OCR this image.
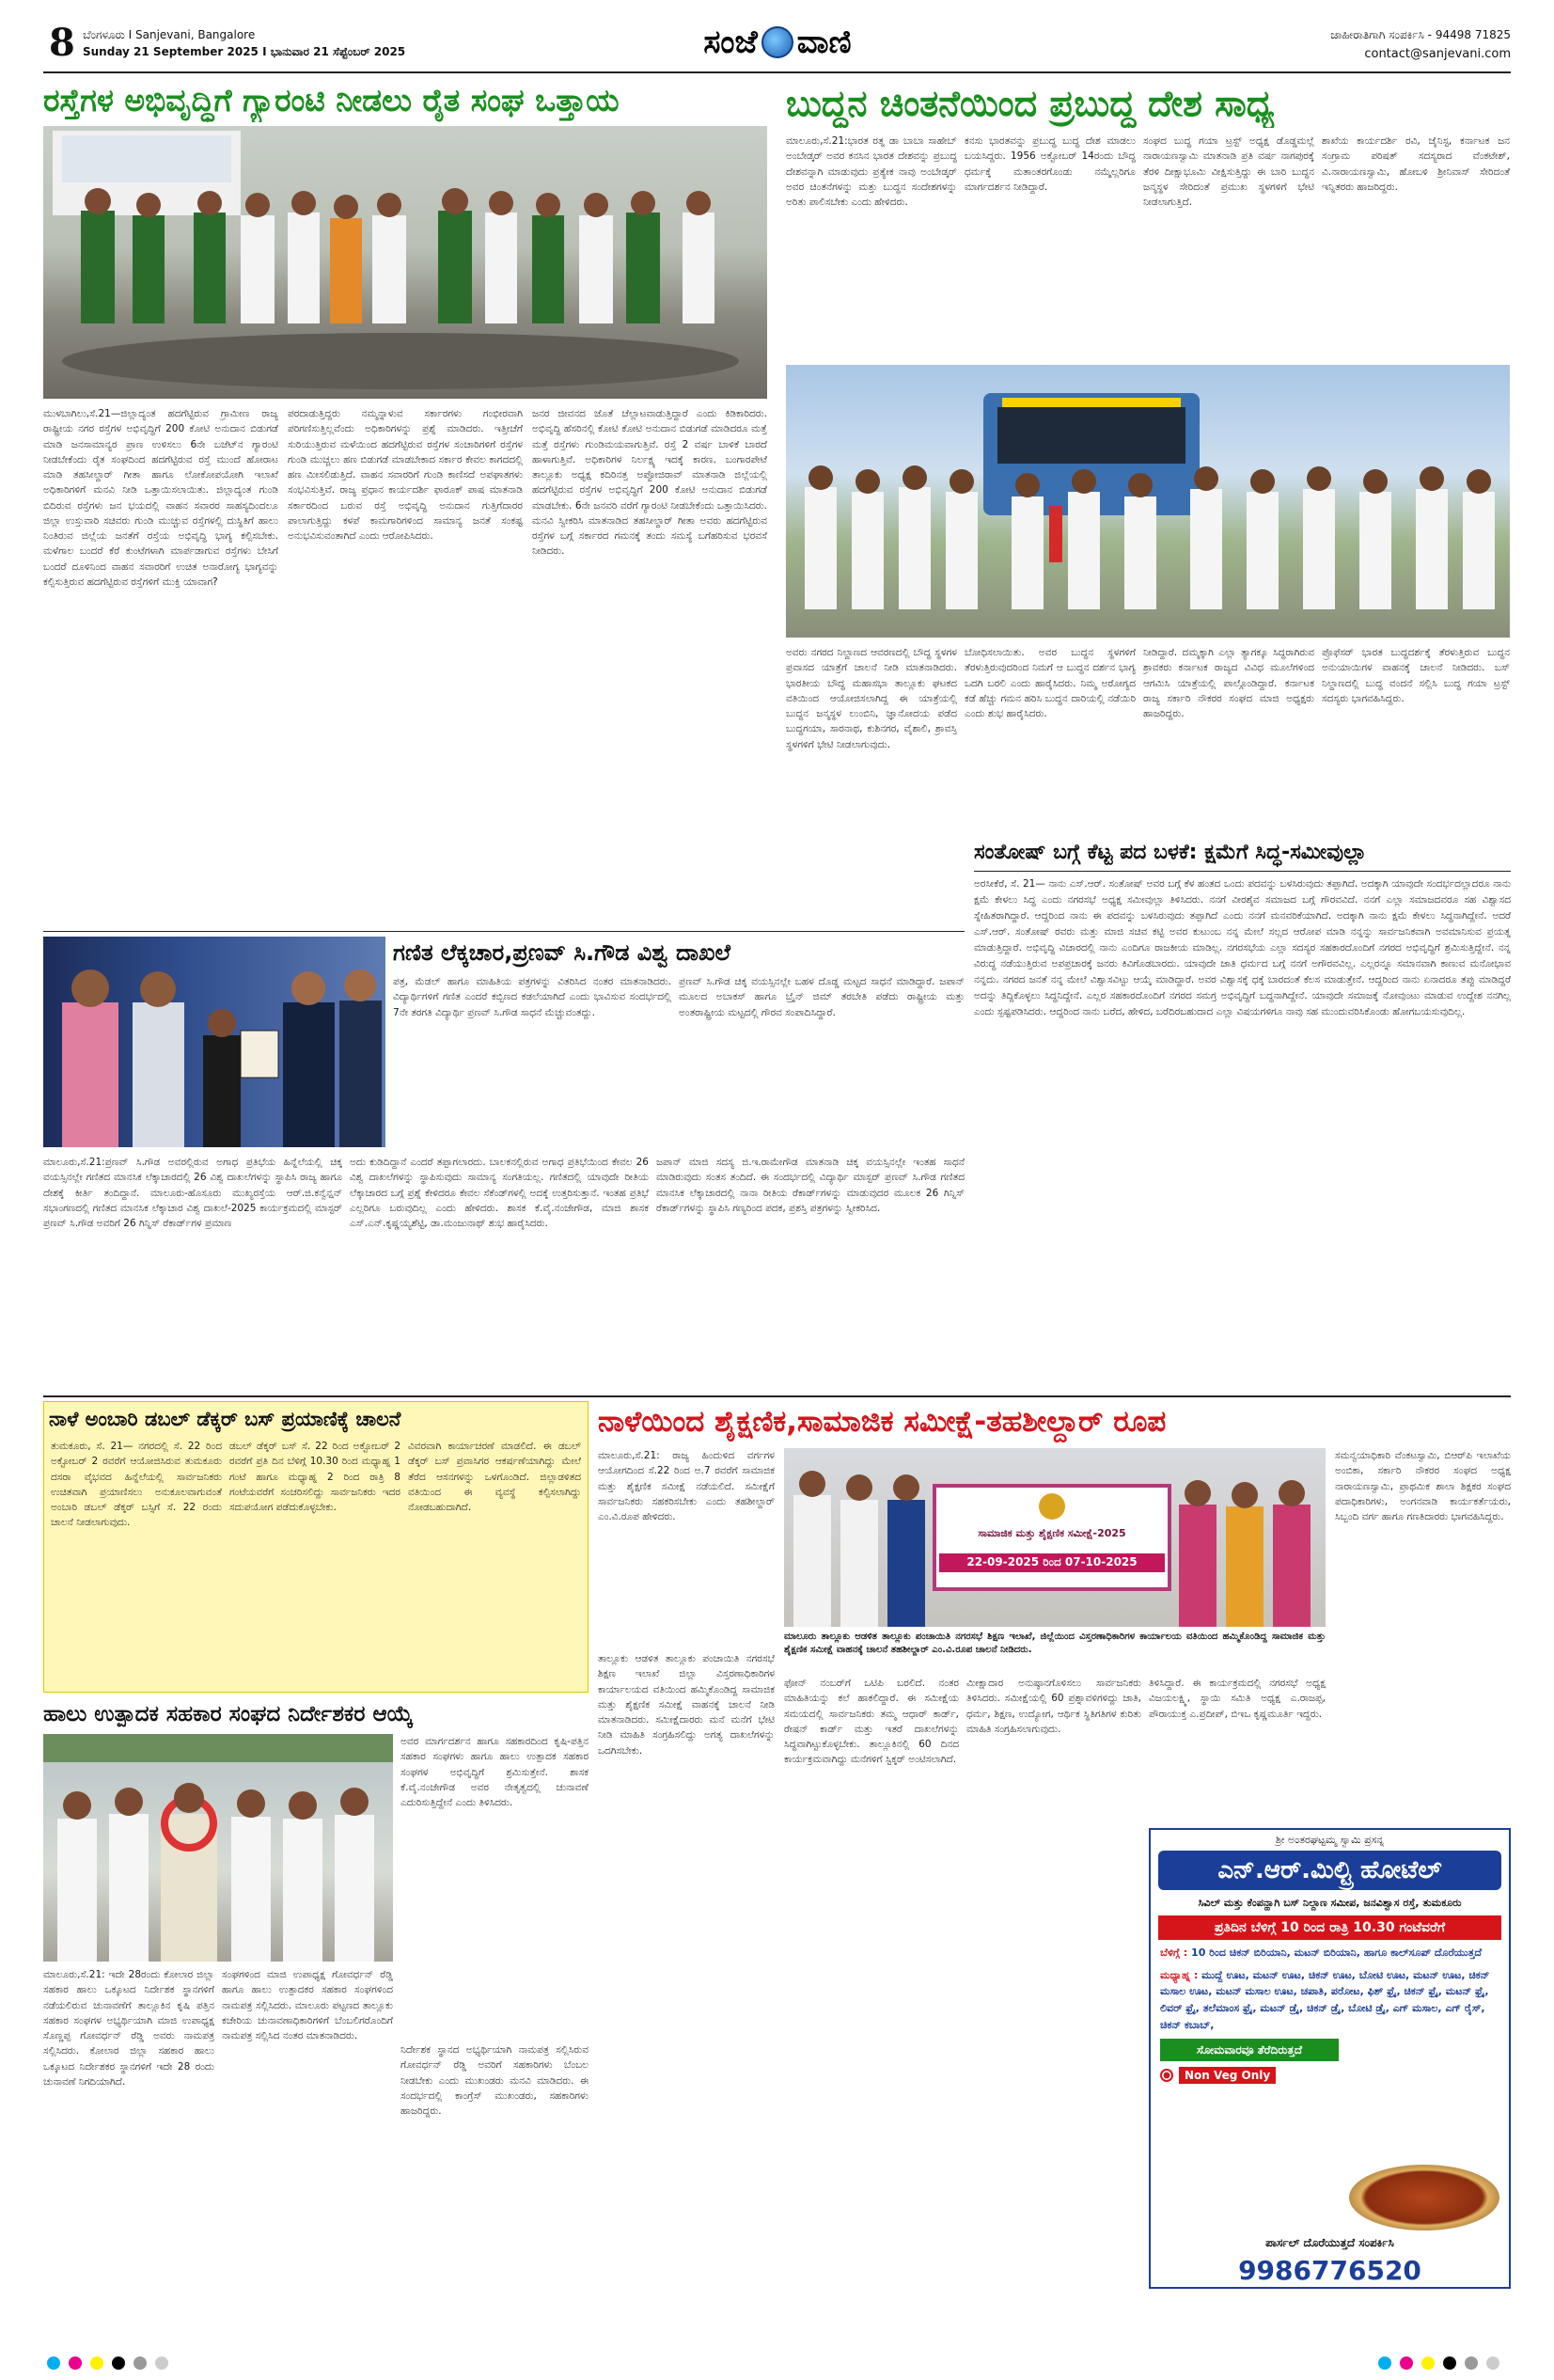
8 ಬೆಂಗಳೂರು I Sanjevani, Bangalore
Sunday 21 September 2025 I ಭಾನುವಾರ 21 ಸೆಪ್ಟೆಂಬರ್ 2025	ಸಂಜೆ ವಾಣಿ	ಜಾಹೀರಾತಿಗಾಗಿ ಸಂಪರ್ಕಿಸಿ - 94498 71825
contact@sanjevani.com
ರಸ್ತೆಗಳ ಅಭಿವೃದ್ಧಿಗೆ ಗ್ಯಾರಂಟಿ ನೀಡಲು ರೈತ ಸಂಘ ಒತ್ತಾಯ
ಮುಳಬಾಗಿಲು,ಸೆ.21—ಜಿಲ್ಲಾದ್ಯಂತ ಹದಗೆಟ್ಟಿರುವ ಗ್ರಾಮೀಣ ರಾಜ್ಯ ರಾಷ್ಟ್ರೀಯ ನಗರ ರಸ್ತೆಗಳ ಅಭಿವೃದ್ಧಿಗೆ 200 ಕೋಟಿ ಅನುದಾನ ಬಿಡುಗಡೆ ಮಾಡಿ ಜನಸಾಮಾನ್ಯರ ಪ್ರಾಣ ಉಳಿಸಲು 6ನೇ ಬಜೆಟ್‌ನ ಗ್ಯಾರಂಟಿ ನೀಡಬೇಕೆಂದು ರೈತ ಸಂಘದಿಂದ ಹದಗೆಟ್ಟಿರುವ ರಸ್ತೆ ಮುಂದೆ ಹೋರಾಟ ಮಾಡಿ ತಹಸೀಲ್ದಾರ್ ಗೀತಾ ಹಾಗೂ ಲೋಕೋಪಯೋಗಿ ಇಲಾಖೆ ಅಧಿಕಾರಿಗಳಿಗೆ ಮನವಿ ನೀಡಿ ಒತ್ತಾಯಿಸಲಾಯಿತು. ಜಿಲ್ಲಾದ್ಯಂತ ಗುಂಡಿ ಬಿದಿರುವ ರಸ್ತೆಗಳು ಜನ ಭಯದಲ್ಲಿ ವಾಹನ ಸವಾರರ ಸಾಹಸ್ಯದಿಂದಲೂ ಜಿಲ್ಲಾ ಉಸ್ತುವಾರಿ ಸಚಿವರು ಗುಂಡಿ ಮುಚ್ಚುವ ರಸ್ತೆಗಳಲ್ಲಿ ದುಸ್ಥಿತಿಗೆ ಹಾಲು ನಿಂತಿರುವ ಜಿಲ್ಲೆಯ ಜನತೆಗೆ ರಸ್ತೆಯ ಅಭಿವೃದ್ಧಿ ಭಾಗ್ಯ ಕಲ್ಪಿಸಬೇಕು. ಮಳೆಗಾಲ ಬಂದರೆ ಕೆರೆ ಕುಂಟೆಗಳಾಗಿ ಮಾರ್ಪಡಾಗುವ ರಸ್ತೆಗಳು ಬೇಸಿಗೆ ಬಂದರೆ ದೂಳಿನಿಂದ ವಾಹನ ಸವಾರರಿಗೆ ಉಚಿತ ಅನಾರೋಗ್ಯ ಭಾಗ್ಯವನ್ನು ಕಲ್ಪಿಸುತ್ತಿರುವ ಹದಗೆಟ್ಟಿರುವ ರಸ್ತೆಗಳಿಗೆ ಮುಕ್ತಿ ಯಾವಾಗ?
ಪರದಾಡುತ್ತಿದ್ದರು ನಮ್ಮನ್ನಾಳುವ ಸರ್ಕಾರಗಳು ಗಂಭೀರವಾಗಿ ಪರಿಗಣಿಸುತ್ತಿಲ್ಲವೆಂದು ಅಧಿಕಾರಿಗಳನ್ನು ಪ್ರಶ್ನೆ ಮಾಡಿದರು. ಇತ್ತೀಚೆಗೆ ಸುರಿಯುತ್ತಿರುವ ಮಳೆಯಿಂದ ಹದಗೆಟ್ಟಿರುವ ರಸ್ತೆಗಳ ಸಂಚಾರಿಗಳಿಗೆ ರಸ್ತೆಗಳ ಗುಂಡಿ ಮುಚ್ಚಲು ಹಣ ಬಿಡುಗಡೆ ಮಾಡಬೇಕಾದ ಸರ್ಕಾರ ಕೇವಲ ಕಾಗದದಲ್ಲಿ ಹಣ ಮೀಸಲಿಡುತ್ತಿದೆ. ವಾಹನ ಸವಾರರಿಗೆ ಗುಂಡಿ ಕಾಣಿಸದೆ ಅಪಘಾತಗಳು ಸಂಭವಿಸುತ್ತಿವೆ. ರಾಜ್ಯ ಪ್ರಧಾನ ಕಾರ್ಯದರ್ಶಿ ಫಾರೂಕ್ ಪಾಷ ಮಾತನಾಡಿ ಸರ್ಕಾರದಿಂದ ಬರುವ ರಸ್ತೆ ಅಭಿವೃದ್ಧಿ ಅನುದಾನ ಗುತ್ತಿಗೆದಾರರ ಪಾಲಾಗುತ್ತಿದ್ದು ಕಳಪೆ ಕಾಮಗಾರಿಗಳಿಂದ ಸಾಮಾನ್ಯ ಜನತೆ ಸಂಕಷ್ಟ ಅನುಭವಿಸುವಂತಾಗಿದೆ ಎಂದು ಆರೋಪಿಸಿದರು.
ಜನರ ಜೀವನದ ಜೊತೆ ಚೆಲ್ಲಾಟವಾಡುತ್ತಿದ್ದಾರೆ ಎಂದು ಕಿಡಿಕಾರಿದರು. ಅಭಿವೃದ್ಧಿ ಹೆಸರಿನಲ್ಲಿ ಕೋಟಿ ಕೋಟಿ ಅನುದಾನ ಬಿಡುಗಡೆ ಮಾಡಿದರೂ ಮತ್ತೆ ಮತ್ತೆ ರಸ್ತೆಗಳು ಗುಂಡಿಮಯವಾಗುತ್ತಿವೆ. ರಸ್ತೆ 2 ವರ್ಷ ಬಾಳಿಕೆ ಬಾರದೆ ಹಾಳಾಗುತ್ತಿವೆ. ಅಧಿಕಾರಿಗಳ ನಿರ್ಲಕ್ಷ್ಯ ಇದಕ್ಕೆ ಕಾರಣ. ಬಂಗಾರಪೇಟೆ ತಾಲ್ಲೂಕು ಅಧ್ಯಕ್ಷ ಕದಿರಿನತ್ತ ಅಪ್ಪೋಜಿರಾವ್ ಮಾತನಾಡಿ ಜಿಲ್ಲೆಯಲ್ಲಿ ಹದಗೆಟ್ಟಿರುವ ರಸ್ತೆಗಳ ಅಭಿವೃದ್ಧಿಗೆ 200 ಕೋಟಿ ಅನುದಾನ ಬಿಡುಗಡೆ ಮಾಡಬೇಕು. 6ನೇ ಜನವರಿ ವರೆಗೆ ಗ್ಯಾರಂಟಿ ನೀಡಬೇಕೆಂದು ಒತ್ತಾಯಿಸಿದರು. ಮನವಿ ಸ್ವೀಕರಿಸಿ ಮಾತನಾಡಿದ ತಹಸೀಲ್ದಾರ್ ಗೀತಾ ಅವರು ಹದಗೆಟ್ಟಿರುವ ರಸ್ತೆಗಳ ಬಗ್ಗೆ ಸರ್ಕಾರದ ಗಮನಕ್ಕೆ ತಂದು ಸಮಸ್ಯೆ ಬಗೆಹರಿಸುವ ಭರವಸೆ ನೀಡಿದರು.
ಬುದ್ಧನ ಚಿಂತನೆಯಿಂದ ಪ್ರಬುದ್ಧ ದೇಶ ಸಾಧ್ಯ
ಮಾಲೂರು,ಸೆ.21:ಭಾರತ ರತ್ನ ಡಾ ಬಾಬಾ ಸಾಹೇಬ್ ಅಂಬೇಡ್ಕರ್ ಅವರ ಕನಸಿನ ಭಾರತ ದೇಶವನ್ನು ಪ್ರಬುದ್ಧ ದೇಶವನ್ನಾಗಿ ಮಾಡುವುದು ಪ್ರತ್ಯೇಕ ನಾವು ಅಂಬೇಡ್ಕರ್ ಅವರ ಚಿಂತನೆಗಳನ್ನು ಮತ್ತು ಬುದ್ಧನ ಸಂದೇಶಗಳನ್ನು ಅರಿತು ಪಾಲಿಸಬೇಕು ಎಂದು ಹೇಳಿದರು.
ಕನಸು ಭಾರತವನ್ನು ಪ್ರಬುದ್ಧ ಬುದ್ಧ ದೇಶ ಮಾಡಲು ಬಯಸಿದ್ದರು. 1956 ಅಕ್ಟೋಬರ್ 14ರಂದು ಬೌದ್ಧ ಧರ್ಮಕ್ಕೆ ಮತಾಂತರಗೊಂಡು ನಮ್ಮೆಲ್ಲರಿಗೂ ಮಾರ್ಗದರ್ಶನ ನೀಡಿದ್ದಾರೆ.
ಸಂಘದ ಬುದ್ಧ ಗಯಾ ಟ್ರಸ್ಟ್ ಅಧ್ಯಕ್ಷ ಡೊಡ್ಡಮಲ್ಲೆ ನಾರಾಯಣಸ್ವಾಮಿ ಮಾತನಾಡಿ ಪ್ರತಿ ವರ್ಷ ನಾಗಪುರಕ್ಕೆ ತೆರಳಿ ದೀಕ್ಷಾಭೂಮಿ ವೀಕ್ಷಿಸುತ್ತಿದ್ದು ಈ ಬಾರಿ ಬುದ್ಧನ ಜನ್ಮಸ್ಥಳ ಸೇರಿದಂತೆ ಪ್ರಮುಖ ಸ್ಥಳಗಳಿಗೆ ಭೇಟಿ ನೀಡಲಾಗುತ್ತಿದೆ.
ಶಾಖೆಯ ಕಾರ್ಯದರ್ಶಿ ರವಿ, ಜೈನಿಸ್ಟ, ಕರ್ನಾಟಕ ಜನ ಸಂಗ್ರಾಮ ಪರಿಷತ್ ಸದಸ್ಯರಾದ ವೆಂಕಟೇಶ್, ವಿ.ನಾರಾಯಣಸ್ವಾಮಿ, ಹೋಬಳಿ ಶ್ರೀನಿವಾಸ್ ಸೇರಿದಂತೆ ಇನ್ನಿತರರು ಹಾಜರಿದ್ದರು.
ಅವರು ನಗರದ ನಿಲ್ದಾಣದ ಆವರಣದಲ್ಲಿ ಬೌದ್ಧ ಸ್ಥಳಗಳ ಪ್ರವಾಸದ ಯಾತ್ರೆಗೆ ಚಾಲನೆ ನೀಡಿ ಮಾತನಾಡಿದರು. ಭಾರತೀಯ ಬೌದ್ಧ ಮಹಾಸಭಾ ತಾಲ್ಲೂಕು ಘಟಕದ ವತಿಯಿಂದ ಆಯೋಜಿಸಲಾಗಿದ್ದ ಈ ಯಾತ್ರೆಯಲ್ಲಿ ಬುದ್ಧನ ಜನ್ಮಸ್ಥಳ ಲುಂಬಿನಿ, ಜ್ಞಾನೋದಯ ಪಡೆದ ಬುದ್ಧಗಯಾ, ಸಾರನಾಥ, ಕುಶಿನಗರ, ವೈಶಾಲಿ, ಶ್ರಾವಸ್ತಿ ಸ್ಥಳಗಳಿಗೆ ಭೇಟಿ ನೀಡಲಾಗುವುದು.
ಬೋಧಿಸಲಾಯಿತು. ಅವರ ಬುದ್ಧನ ಸ್ಥಳಗಳಿಗೆ ತೆರಳುತ್ತಿರುವುದರಿಂದ ನಿಮಗೆ ಆ ಬುದ್ಧನ ದರ್ಶನ ಭಾಗ್ಯ ಒದಗಿ ಬರಲಿ ಎಂದು ಹಾರೈಸಿದರು. ನಿಮ್ಮ ಅರೋಗ್ಯದ ಕಡೆ ಹೆಚ್ಚು ಗಮನ ಹರಿಸಿ ಬುದ್ಧನ ದಾರಿಯಲ್ಲಿ ನಡೆಯಿರಿ ಎಂದು ಶುಭ ಹಾರೈಸಿದರು.
ನೀಡಿದ್ದಾರೆ. ದಮ್ಮಕ್ಕಾಗಿ ಎಲ್ಲಾ ತ್ಯಾಗಕ್ಕೂ ಸಿದ್ಧರಾಗಿರುವ ಶ್ರಾವಕರು ಕರ್ನಾಟಕ ರಾಜ್ಯದ ವಿವಿಧ ಮೂಲೆಗಳಿಂದ ಆಗಮಿಸಿ ಯಾತ್ರೆಯಲ್ಲಿ ಪಾಲ್ಗೊಂಡಿದ್ದಾರೆ. ಕರ್ನಾಟಕ ರಾಜ್ಯ ಸರ್ಕಾರಿ ನೌಕರರ ಸಂಘದ ಮಾಜಿ ಅಧ್ಯಕ್ಷರು ಹಾಜರಿದ್ದರು.
ಪ್ರೊಫೆಸರ್ ಭಾರತ ಬುದ್ಧದರ್ಶಕ್ಕೆ ತೆರಳುತ್ತಿರುವ ಬುದ್ಧನ ಅನುಯಾಯಿಗಳ ವಾಹನಕ್ಕೆ ಚಾಲನೆ ನೀಡಿದರು. ಬಸ್ ನಿಲ್ದಾಣದಲ್ಲಿ ಬುದ್ಧ ವಂದನೆ ಸಲ್ಲಿಸಿ ಬುದ್ಧ ಗಯಾ ಟ್ರಸ್ಟ್ ಸದಸ್ಯರು ಭಾಗವಹಿಸಿದ್ದರು.
ಸಂತೋಷ್ ಬಗ್ಗೆ ಕೆಟ್ಟ ಪದ ಬಳಕೆ: ಕ್ಷಮೆಗೆ ಸಿದ್ಧ-ಸಮೀವುಲ್ಲಾ
ಅರಸೀಕೆರೆ, ಸೆ. 21— ನಾನು ಎಸ್.ಆರ್. ಸಂತೋಷ್ ಅವರ ಬಗ್ಗೆ ಕೆಳ ಹಂತದ ಒಂದು ಪದವನ್ನು ಬಳಸಿರುವುದು ತಪ್ಪಾಗಿದೆ. ಅದಕ್ಕಾಗಿ ಯಾವುದೇ ಸಂದರ್ಭದಲ್ಲಾದರೂ ನಾನು ಕ್ಷಮೆ ಕೇಳಲು ಸಿದ್ಧ ಎಂದು ನಗರಸಭೆ ಅಧ್ಯಕ್ಷ ಸಮೀವುಲ್ಲಾ ತಿಳಿಸಿದರು. ನನಗೆ ವೀರಶೈವ ಸಮಾಜದ ಬಗ್ಗೆ ಗೌರವವಿದೆ. ನನಗೆ ಎಲ್ಲಾ ಸಮಾಜದವರೂ ಸಹ ವಿಶ್ವಾಸದ ಸ್ನೇಹಿತರಾಗಿದ್ದಾರೆ. ಆದ್ದರಿಂದ ನಾನು ಈ ಪದವನ್ನು ಬಳಸಿರುವುದು ತಪ್ಪಾಗಿದೆ ಎಂದು ನನಗೆ ಮನವರಿಕೆಯಾಗಿದೆ. ಅದಕ್ಕಾಗಿ ನಾನು ಕ್ಷಮೆ ಕೇಳಲು ಸಿದ್ಧನಾಗಿದ್ದೇನೆ. ಅದರೆ ಎಸ್.ಆರ್. ಸಂತೋಷ್ ರವರು ಮತ್ತು ಮಾಜಿ ಸಚಿವ ಕಟ್ಟಿ ಅವರ ಕುಟುಂಬ ನನ್ನ ಮೇಲೆ ಸಲ್ಲದ ಆರೋಪ ಮಾಡಿ ನನ್ನನ್ನು ಸಾರ್ವಜನಿಕವಾಗಿ ಅವಮಾನಿಸುವ ಪ್ರಯತ್ನ ಮಾಡುತ್ತಿದ್ದಾರೆ. ಅಭಿವೃದ್ಧಿ ವಿಚಾರದಲ್ಲಿ ನಾನು ಎಂದಿಗೂ ರಾಜಕೀಯ ಮಾಡಿಲ್ಲ. ನಗರಸಭೆಯ ಎಲ್ಲಾ ಸದಸ್ಯರ ಸಹಕಾರದೊಂದಿಗೆ ನಗರದ ಅಭಿವೃದ್ಧಿಗೆ ಶ್ರಮಿಸುತ್ತಿದ್ದೇನೆ. ನನ್ನ ವಿರುದ್ಧ ನಡೆಯುತ್ತಿರುವ ಅಪಪ್ರಚಾರಕ್ಕೆ ಜನರು ಕಿವಿಗೊಡಬಾರದು. ಯಾವುದೇ ಜಾತಿ ಧರ್ಮದ ಬಗ್ಗೆ ನನಗೆ ಅಗೌರವವಿಲ್ಲ. ಎಲ್ಲರನ್ನೂ ಸಮಾನವಾಗಿ ಕಾಣುವ ಮನೋಭಾವ ನನ್ನದು. ನಗರದ ಜನತೆ ನನ್ನ ಮೇಲೆ ವಿಶ್ವಾಸವಿಟ್ಟು ಆಯ್ಕೆ ಮಾಡಿದ್ದಾರೆ. ಅವರ ವಿಶ್ವಾಸಕ್ಕೆ ಧಕ್ಕೆ ಬಾರದಂತೆ ಕೆಲಸ ಮಾಡುತ್ತೇನೆ. ಆದ್ದರಿಂದ ನಾನು ಏನಾದರೂ ತಪ್ಪು ಮಾಡಿದ್ದರೆ ಅದನ್ನು ತಿದ್ದಿಕೊಳ್ಳಲು ಸಿದ್ಧನಿದ್ದೇನೆ. ಎಲ್ಲರ ಸಹಕಾರದೊಂದಿಗೆ ನಗರದ ಸಮಗ್ರ ಅಭಿವೃದ್ಧಿಗೆ ಬದ್ಧನಾಗಿದ್ದೇನೆ. ಯಾವುದೇ ಸಮಾಜಕ್ಕೆ ನೋವುಂಟು ಮಾಡುವ ಉದ್ದೇಶ ನನಗಿಲ್ಲ ಎಂದು ಸ್ಪಷ್ಟಪಡಿಸಿದರು. ಆದ್ದರಿಂದ ನಾನು ಬರೆದ, ಹೇಳಿದ, ಬರೆದಿರಬಹುದಾದ ಎಲ್ಲಾ ವಿಷಯಗಳಿಗೂ ನಾವು ಸಹ ಮುಂದುವರಿಸಿಕೊಂಡು ಹೋಗಬಯಸುವುದಿಲ್ಲ.
ಗಣಿತ ಲೆಕ್ಕಚಾರ,ಪ್ರಣವ್ ಸಿ.ಗೌಡ ವಿಶ್ವ ದಾಖಲೆ
ಪತ್ರ, ಮೆಡಲ್ ಹಾಗೂ ಮಾಹಿತಿಯ ಪತ್ರಗಳನ್ನು ವಿತರಿಸಿದ ನಂತರ ಮಾತನಾಡಿದರು. ವಿದ್ಯಾರ್ಥಿಗಳಿಗೆ ಗಣಿತ ಎಂದರೆ ಕಬ್ಬಿಣದ ಕಡಲೆಯಾಗಿದೆ ಎಂದು ಭಾವಿಸುವ ಸಂದರ್ಭದಲ್ಲಿ 7ನೇ ತರಗತಿ ವಿದ್ಯಾರ್ಥಿ ಪ್ರಣವ್ ಸಿ.ಗೌಡ ಸಾಧನೆ ಮೆಚ್ಚುವಂತದ್ದು.
ಪ್ರಣವ್ ಸಿ.ಗೌಡ ಚಿಕ್ಕ ವಯಸ್ಸಿನಲ್ಲೇ ಬಹಳ ದೊಡ್ಡ ಮಟ್ಟದ ಸಾಧನೆ ಮಾಡಿದ್ದಾರೆ. ಜಪಾನ್ ಮೂಲದ ಅಬಾಕಸ್ ಹಾಗೂ ಬ್ರೈನ್ ಜಿಮ್ ತರಬೇತಿ ಪಡೆದು ರಾಷ್ಟ್ರೀಯ ಮತ್ತು ಅಂತರಾಷ್ಟ್ರೀಯ ಮಟ್ಟದಲ್ಲಿ ಗೌರವ ಸಂಪಾದಿಸಿದ್ದಾರೆ.
ಮಾಲೂರು,ಸೆ.21:ಪ್ರಣವ್ ಸಿ.ಗೌಡ ಅವರಲ್ಲಿರುವ ಅಗಾಧ ಪ್ರತಿಭೆಯ ಹಿನ್ನೆಲೆಯಲ್ಲಿ ಚಿಕ್ಕ ವಯಸ್ಸಿನಲ್ಲೇ ಗಣಿತದ ಮಾನಸಿಕ ಲೆಕ್ಕಾಚಾರದಲ್ಲಿ 26 ವಿಶ್ವ ದಾಖಲೆಗಳನ್ನು ಸ್ಥಾಪಿಸಿ ರಾಜ್ಯ ಹಾಗೂ ದೇಶಕ್ಕೆ ಕೀರ್ತಿ ತಂದಿದ್ದಾನೆ. ಮಾಲೂರು-ಹೊಸೂರು ಮುಖ್ಯರಸ್ತೆಯ ಆರ್.ಜಿ.ಕನ್ವೆನ್ಷನ್ ಸಭಾಂಗಣದಲ್ಲಿ ಗಣಿತದ ಮಾನಸಿಕ ಲೆಕ್ಕಾಚಾರ ವಿಶ್ವ ದಾಖಲೆ-2025 ಕಾರ್ಯಕ್ರಮದಲ್ಲಿ ಮಾಸ್ಟರ್ ಪ್ರಣವ್ ಸಿ.ಗೌಡ ಅವರಿಗೆ 26 ಗಿನ್ನಿಸ್ ರೆಕಾರ್ಡ್‌ಗಳ ಪ್ರಮಾಣ
ಅದು ಕುಡಿದಿದ್ದಾನೆ ಎಂದರೆ ತಪ್ಪಾಗಲಾರದು. ಬಾಲಕನಲ್ಲಿರುವ ಅಗಾಧ ಪ್ರತಿಭೆಯಿಂದ ಕೇವಲ 26 ವಿಶ್ವ ದಾಖಲೆಗಳನ್ನು ಸ್ಥಾಪಿಸುವುದು ಸಾಮಾನ್ಯ ಸಂಗತಿಯಲ್ಲ. ಗಣಿತದಲ್ಲಿ ಯಾವುದೇ ರೀತಿಯ ಲೆಕ್ಕಾಚಾರದ ಬಗ್ಗೆ ಪ್ರಶ್ನೆ ಕೇಳಿದರೂ ಕೇವಲ ಸೆಕೆಂಡ್‌ಗಳಲ್ಲಿ ಅದಕ್ಕೆ ಉತ್ತರಿಸುತ್ತಾನೆ. ಇಂತಹ ಪ್ರತಿಭೆ ಎಲ್ಲರಿಗೂ ಬರುವುದಿಲ್ಲ ಎಂದು ಹೇಳಿದರು. ಶಾಸಕ ಕೆ.ವೈ.ನಂಜೇಗೌಡ, ಮಾಜಿ ಶಾಸಕ ಎಸ್.ಎನ್.ಕೃಷ್ಣಯ್ಯಶೆಟ್ಟಿ, ಡಾ.ಮಂಜುನಾಥ್ ಶುಭ ಹಾರೈಸಿದರು.
ಜಪಾನ್ ಮಾಜಿ ಸದಸ್ಯ ಜಿ.ಇ.ರಾಮೇಗೌಡ ಮಾತನಾಡಿ ಚಿಕ್ಕ ವಯಸ್ಸಿನಲ್ಲೇ ಇಂತಹ ಸಾಧನೆ ಮಾಡಿರುವುದು ಸಂತಸ ತಂದಿದೆ. ಈ ಸಂದರ್ಭದಲ್ಲಿ ವಿದ್ಯಾರ್ಥಿ ಮಾಸ್ಟರ್ ಪ್ರಣವ್ ಸಿ.ಗೌಡ ಗಣಿತದ ಮಾನಸಿಕ ಲೆಕ್ಕಾಚಾರದಲ್ಲಿ ನಾನಾ ರೀತಿಯ ರೆಕಾರ್ಡ್‌ಗಳನ್ನು ಮಾಡುವುದರ ಮೂಲಕ 26 ಗಿನ್ನಿಸ್ ರೆಕಾರ್ಡ್‌ಗಳನ್ನು ಸ್ಥಾಪಿಸಿ ಗಣ್ಯರಿಂದ ಪದಕ, ಪ್ರಶಸ್ತಿ ಪತ್ರಗಳನ್ನು ಸ್ವೀಕರಿಸಿದ.
ನಾಳೆ ಅಂಬಾರಿ ಡಬಲ್ ಡೆಕ್ಕರ್ ಬಸ್ ಪ್ರಯಾಣಿಕ್ಕೆ ಚಾಲನೆ
ತುಮಕೂರು, ಸೆ. 21— ನಗರದಲ್ಲಿ ಸೆ. 22 ರಿಂದ ಅಕ್ಟೋಬರ್ 2 ರವರೆಗೆ ಆಯೋಜಿಸಿರುವ ತುಮಕೂರು ದಸರಾ ವೈಭವದ ಹಿನ್ನೆಲೆಯಲ್ಲಿ ಸಾರ್ವಜನಿಕರು ಉಚಿತವಾಗಿ ಪ್ರಯಾಣಿಸಲು ಅನುಕೂಲವಾಗುವಂತೆ ಅಂಬಾರಿ ಡಬಲ್ ಡೆಕ್ಕರ್ ಬಸ್ಸಿಗೆ ಸೆ. 22 ರಂದು ಚಾಲನೆ ನೀಡಲಾಗುವುದು.
ಡಬಲ್ ಡೆಕ್ಕರ್ ಬಸ್ ಸೆ. 22 ರಿಂದ ಅಕ್ಟೋಬರ್ 2 ರವರೆಗೆ ಪ್ರತಿ ದಿನ ಬೆಳಿಗ್ಗೆ 10.30 ರಿಂದ ಮಧ್ಯಾಹ್ನ 1 ಗಂಟೆ ಹಾಗೂ ಮಧ್ಯಾಹ್ನ 2 ರಿಂದ ರಾತ್ರಿ 8 ಗಂಟೆಯವರೆಗೆ ಸಂಚರಿಸಲಿದ್ದು ಸಾರ್ವಜನಿಕರು ಇದರ ಸದುಪಯೋಗ ಪಡೆದುಕೊಳ್ಳಬೇಕು.
ವಿವರವಾಗಿ ಕಾರ್ಯಾಚರಣೆ ಮಾಡಲಿದೆ. ಈ ಡಬಲ್ ಡೆಕ್ಕರ್ ಬಸ್ ಪ್ರವಾಸಿಗರ ಆಕರ್ಷಣೆಯಾಗಿದ್ದು ಮೇಲೆ ತೆರೆದ ಆಸನಗಳನ್ನು ಒಳಗೊಂಡಿದೆ. ಜಿಲ್ಲಾಡಳಿತದ ವತಿಯಿಂದ ಈ ವ್ಯವಸ್ಥೆ ಕಲ್ಪಿಸಲಾಗಿದ್ದು ನೋಡಬಹುದಾಗಿದೆ.
ನಾಳೆಯಿಂದ ಶೈಕ್ಷಣಿಕ,ಸಾಮಾಜಿಕ ಸಮೀಕ್ಷೆ-ತಹಶೀಲ್ದಾರ್ ರೂಪ
ಮಾಲೂರು,ಸೆ.21: ರಾಜ್ಯ ಹಿಂದುಳಿದ ವರ್ಗಗಳ ಆಯೋಗದಿಂದ ಸೆ.22 ರಿಂದ ಅ.7 ರವರೆಗೆ ಸಾಮಾಜಿಕ ಮತ್ತು ಶೈಕ್ಷಣಿಕ ಸಮೀಕ್ಷೆ ನಡೆಯಲಿದೆ. ಸಮೀಕ್ಷೆಗೆ ಸಾರ್ವಜನಿಕರು ಸಹಕರಿಸಬೇಕು ಎಂದು ತಹಶೀಲ್ದಾರ್ ಎಂ.ವಿ.ರೂಪ ಹೇಳಿದರು.
ಸಾಮಾಜಿಕ ಮತ್ತು ಶೈಕ್ಷಣಿಕ ಸಮೀಕ್ಷೆ-2025
22-09-2025 ರಿಂದ 07-10-2025
ಮಾಲೂರು ತಾಲ್ಲೂಕು ಆಡಳಿತ ತಾಲ್ಲೂಕು ಪಂಚಾಯಿತಿ ನಗರಸಭೆ ಶಿಕ್ಷಣ ಇಲಾಖೆ, ಜಿಲ್ಲೆಯಿಂದ ವಿಸ್ತರಣಾಧಿಕಾರಿಗಳ ಕಾರ್ಯಾಲಯ ವತಿಯಿಂದ ಹಮ್ಮಿಕೊಂಡಿದ್ದ ಸಾಮಾಜಿಕ ಮತ್ತು ಶೈಕ್ಷಣಿಕ ಸಮೀಕ್ಷೆ ವಾಹನಕ್ಕೆ ಚಾಲನೆ ತಹಶೀಲ್ದಾರ್ ಎಂ.ವಿ.ರೂಪ ಚಾಲನೆ ನೀಡಿದರು.
ತಾಲ್ಲೂಕು ಆಡಳಿತ ತಾಲ್ಲೂಕು ಪಂಚಾಯಿತಿ ನಗರಸಭೆ ಶಿಕ್ಷಣ ಇಲಾಖೆ ಜಿಲ್ಲಾ ವಿಸ್ತರಣಾಧಿಕಾರಿಗಳ ಕಾರ್ಯಾಲಯದ ವತಿಯಿಂದ ಹಮ್ಮಿಕೊಂಡಿದ್ದ ಸಾಮಾಜಿಕ ಮತ್ತು ಶೈಕ್ಷಣಿಕ ಸಮೀಕ್ಷೆ ವಾಹನಕ್ಕೆ ಚಾಲನೆ ನೀಡಿ ಮಾತನಾಡಿದರು. ಸಮೀಕ್ಷೆದಾರರು ಮನೆ ಮನೆಗೆ ಭೇಟಿ ನೀಡಿ ಮಾಹಿತಿ ಸಂಗ್ರಹಿಸಲಿದ್ದು ಅಗತ್ಯ ದಾಖಲೆಗಳನ್ನು ಒದಗಿಸಬೇಕು.
ಫೋನ್ ನಂಬರ್‌ಗೆ ಒಟಿಪಿ ಬರಲಿದೆ. ನಂತರ ಮಾಹಿತಿಯನ್ನು ಕಲೆ ಹಾಕಲಿದ್ದಾರೆ. ಈ ಸಮೀಕ್ಷೆಯ ಸಮಯದಲ್ಲಿ ಸಾರ್ವಜನಿಕರು ತಮ್ಮ ಆಧಾರ್ ಕಾರ್ಡ್, ರೇಷನ್ ಕಾರ್ಡ್ ಮತ್ತು ಇತರೆ ದಾಖಲೆಗಳನ್ನು ಸಿದ್ಧವಾಗಿಟ್ಟುಕೊಳ್ಳಬೇಕು. ತಾಲ್ಲೂಕಿನಲ್ಲಿ 60 ದಿನದ ಕಾರ್ಯಕ್ರಮವಾಗಿದ್ದು ಮನೆಗಳಿಗೆ ಸ್ಟಿಕ್ಕರ್ ಅಂಟಿಸಲಾಗಿದೆ.
ಮೀಕ್ಷಾದಾರ ಅನುಷ್ಠಾನಗೊಳಿಸಲು ಸಾರ್ವಜನಿಕರು ತಿಳಿಸಿದರು. ಸಮೀಕ್ಷೆಯಲ್ಲಿ 60 ಪ್ರಶ್ನಾವಳಿಗಳಿದ್ದು ಜಾತಿ, ಧರ್ಮ, ಶಿಕ್ಷಣ, ಉದ್ಯೋಗ, ಆರ್ಥಿಕ ಸ್ಥಿತಿಗತಿಗಳ ಕುರಿತು ಮಾಹಿತಿ ಸಂಗ್ರಹಿಸಲಾಗುವುದು.
ತಿಳಿಸಿದ್ದಾರೆ. ಈ ಕಾರ್ಯಕ್ರಮದಲ್ಲಿ ನಗರಸಭೆ ಅಧ್ಯಕ್ಷ ವಿಜಯಲಕ್ಷ್ಮಿ, ಸ್ಥಾಯಿ ಸಮಿತಿ ಅಧ್ಯಕ್ಷ ಎ.ರಾಜಪ್ಪ, ಪೌರಾಯುಕ್ತ ಎ.ಪ್ರದೀಪ್, ಬಿಇಒ ಕೃಷ್ಣಮೂರ್ತಿ ಇದ್ದರು.
ಸಮನ್ವಯಾಧಿಕಾರಿ ವೆಂಕಟಸ್ವಾಮಿ, ಬಿಆರ್‌ಪಿ ಇಲಾಖೆಯ ಅಂಬಿಕಾ, ಸರ್ಕಾರಿ ನೌಕರರ ಸಂಘದ ಅಧ್ಯಕ್ಷ ನಾರಾಯಣಸ್ವಾಮಿ, ಪ್ರಾಥಮಿಕ ಶಾಲಾ ಶಿಕ್ಷಕರ ಸಂಘದ ಪದಾಧಿಕಾರಿಗಳು, ಅಂಗನವಾಡಿ ಕಾರ್ಯಕರ್ತೆಯರು, ಸಿಬ್ಬಂದಿ ವರ್ಗ ಹಾಗೂ ಗಣತಿದಾರರು ಭಾಗವಹಿಸಿದ್ದರು.
ಹಾಲು ಉತ್ಪಾದಕ ಸಹಕಾರ ಸಂಘದ ನಿರ್ದೇಶಕರ ಆಯ್ಕೆ
ಮಾಲೂರು,ಸೆ.21: ಇದೇ 28ರಂದು ಕೋಲಾರ ಜಿಲ್ಲಾ ಸಹಕಾರ ಹಾಲು ಒಕ್ಕೂಟದ ನಿರ್ದೇಶಕ ಸ್ಥಾನಗಳಿಗೆ ನಡೆಯಲಿರುವ ಚುನಾವಣೆಗೆ ತಾಲ್ಲೂಕಿನ ಕೃಷಿ ಪತ್ತಿನ ಸಹಕಾರ ಸಂಘಗಳ ಅಭ್ಯರ್ಥಿಯಾಗಿ ಮಾಜಿ ಉಪಾಧ್ಯಕ್ಷ ಸೊಣ್ಣಪ್ಪ ಗೋವರ್ಧನ್ ರೆಡ್ಡಿ ಅವರು ನಾಮಪತ್ರ ಸಲ್ಲಿಸಿದರು. ಕೋಲಾರ ಜಿಲ್ಲಾ ಸಹಕಾರ ಹಾಲು ಒಕ್ಕೂಟದ ನಿರ್ದೇಶಕರ ಸ್ಥಾನಗಳಿಗೆ ಇದೇ 28 ರಂದು ಚುನಾವಣೆ ನಿಗದಿಯಾಗಿದೆ.
ಸಂಘಗಳಿಂದ ಮಾಜಿ ಉಪಾಧ್ಯಕ್ಷ ಗೋವರ್ಧನ್ ರೆಡ್ಡಿ ಹಾಗೂ ಹಾಲು ಉತ್ಪಾದಕರ ಸಹಕಾರ ಸಂಘಗಳಿಂದ ನಾಮಪತ್ರ ಸಲ್ಲಿಸಿದರು. ಮಾಲೂರು ಪಟ್ಟಣದ ತಾಲ್ಲೂಕು ಕಚೇರಿಯ ಚುನಾವಣಾಧಿಕಾರಿಗಳಿಗೆ ಬೆಂಬಲಿಗರೊಂದಿಗೆ ನಾಮಪತ್ರ ಸಲ್ಲಿಸಿದ ನಂತರ ಮಾತನಾಡಿದರು.
ಅವರ ಮಾರ್ಗದರ್ಶನ ಹಾಗೂ ಸಹಕಾರದಿಂದ ಕೃಷಿ-ಪತ್ತಿನ ಸಹಕಾರ ಸಂಘಗಳು ಹಾಗೂ ಹಾಲು ಉತ್ಪಾದಕ ಸಹಕಾರ ಸಂಘಗಳ ಅಭಿವೃದ್ಧಿಗೆ ಶ್ರಮಿಸುತ್ತೇನೆ. ಶಾಸಕ ಕೆ.ವೈ.ನಂಜೇಗೌಡ ಅವರ ನೇತೃತ್ವದಲ್ಲಿ ಚುನಾವಣೆ ಎದುರಿಸುತ್ತಿದ್ದೇನೆ ಎಂದು ತಿಳಿಸಿದರು.
ನಿರ್ದೇಶಕ ಸ್ಥಾನದ ಅಭ್ಯರ್ಥಿಯಾಗಿ ನಾಮಪತ್ರ ಸಲ್ಲಿಸಿರುವ ಗೋವರ್ಧನ್ ರೆಡ್ಡಿ ಅವರಿಗೆ ಸಹಕಾರಿಗಳು ಬೆಂಬಲ ನೀಡಬೇಕು ಎಂದು ಮುಖಂಡರು ಮನವಿ ಮಾಡಿದರು. ಈ ಸಂದರ್ಭದಲ್ಲಿ ಕಾಂಗ್ರೆಸ್ ಮುಖಂಡರು, ಸಹಕಾರಿಗಳು ಹಾಜರಿದ್ದರು.
ಶ್ರೀ ಅಂತರಘಟ್ಟಮ್ಮ ಸ್ವಾಮಿ ಪ್ರಸನ್ನ
ಎನ್.ಆರ್.ಮಿಲ್ಟ್ರಿ ಹೋಟೆಲ್
ಸಿವಿಲ್ ಮತ್ತು ಕೆಂಪನ್ಹಾಗಿ ಬಸ್ ನಿಲ್ದಾಣ ಸಮೀಪ, ಜನವಿಶ್ವಾಸ ರಸ್ತೆ, ತುಮಕೂರು
ಪ್ರತಿದಿನ ಬೆಳಿಗ್ಗೆ 10 ರಿಂದ ರಾತ್ರಿ 10.30 ಗಂಟೆವರೆಗೆ
ಬೆಳಿಗ್ಗೆ : 10 ರಿಂದ ಚಿಕನ್ ಬಿರಿಯಾನಿ, ಮಟನ್ ಬಿರಿಯಾನಿ, ಹಾಗೂ ಕಾಲ್‌ಸೂಪ್ ದೊರೆಯುತ್ತದೆ
ಮಧ್ಯಾಹ್ನ : ಮುದ್ದೆ ಊಟ, ಮಟನ್ ಊಟ, ಚಿಕನ್ ಊಟ, ಬೋಟಿ ಊಟ, ಮಟನ್ ಊಟ, ಚಿಕನ್ ಮಸಾಲ ಊಟ, ಮಟನ್ ಮಸಾಲ ಊಟ, ಚಪಾತಿ, ಪರೋಟ, ಫಿಶ್ ಫ್ರೈ, ಚಿಕನ್ ಫ್ರೈ, ಮಟನ್ ಫ್ರೈ, ಲಿವರ್ ಫ್ರೈ, ತಲೆಮಾಂಸ ಫ್ರೈ, ಮಟನ್ ಡ್ರೈ, ಚಿಕನ್ ಡ್ರೈ, ಬೋಟಿ ಡ್ರೈ, ಎಗ್ ಮಸಾಲ, ಎಗ್ ರೈಸ್, ಚಿಕನ್ ಕಬಾಬ್,
ಸೋಮವಾರವೂ ತೆರೆದಿರುತ್ತದೆ
Non Veg Only
ಪಾರ್ಸಲ್ ದೊರೆಯುತ್ತದೆ ಸಂಪರ್ಕಿಸಿ
9986776520
